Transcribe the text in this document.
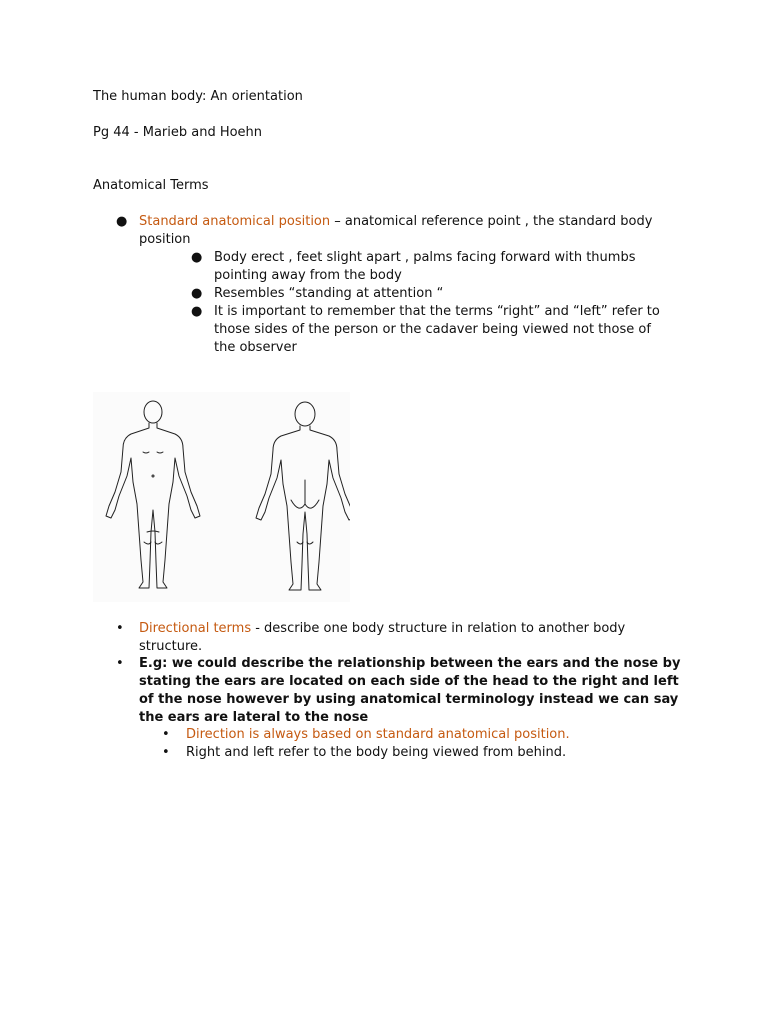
The human body: An orientation
Pg 44 - Marieb and Hoehn
Anatomical Terms
● Standard anatomical position – anatomical reference point , the standard body position
● Body erect , feet slight apart , palms facing forward with thumbs pointing away from the body
● Resembles “standing at attention “
● It is important to remember that the terms “right” and “left” refer to those sides of the person or the cadaver being viewed not those of the observer
• Directional terms - describe one body structure in relation to another body structure.
• E.g: we could describe the relationship between the ears and the nose by stating the ears are located on each side of the head to the right and left of the nose however by using anatomical terminology instead we can say the ears are lateral to the nose
• Direction is always based on standard anatomical position.
• Right and left refer to the body being viewed from behind.
